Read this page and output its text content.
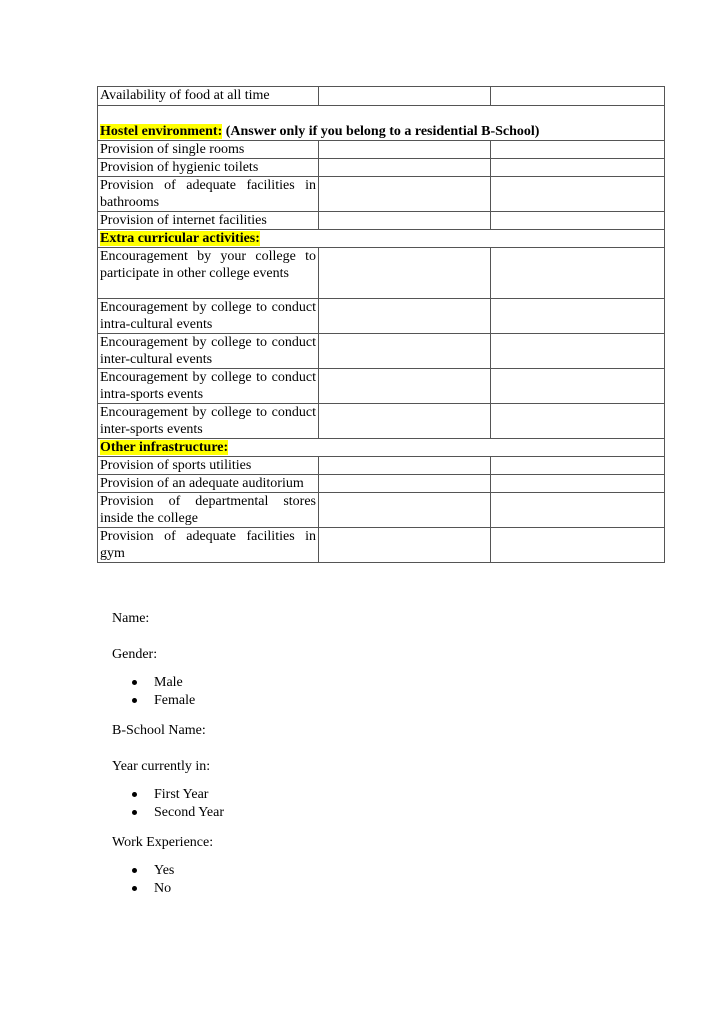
Availability of food at all time		
Hostel environment: (Answer only if you belong to a residential B-School)		
Provision of single rooms		
Provision of hygienic toilets		
Provision of adequate facilities in bathrooms		
Provision of internet facilities		
Extra curricular activities:		
Encouragement by your college to participate in other college events		
Encouragement by college to conduct intra-cultural events		
Encouragement by college to conduct inter-cultural events		
Encouragement by college to conduct intra-sports events		
Encouragement by college to conduct inter-sports events		
Other infrastructure:		
Provision of sports utilities		
Provision of an adequate auditorium		
Provision of departmental stores inside the college		
Provision of adequate facilities in gym		

Name:

Gender:

Male
Female

B-School Name:

Year currently in:

First Year
Second Year

Work Experience:

Yes
No
